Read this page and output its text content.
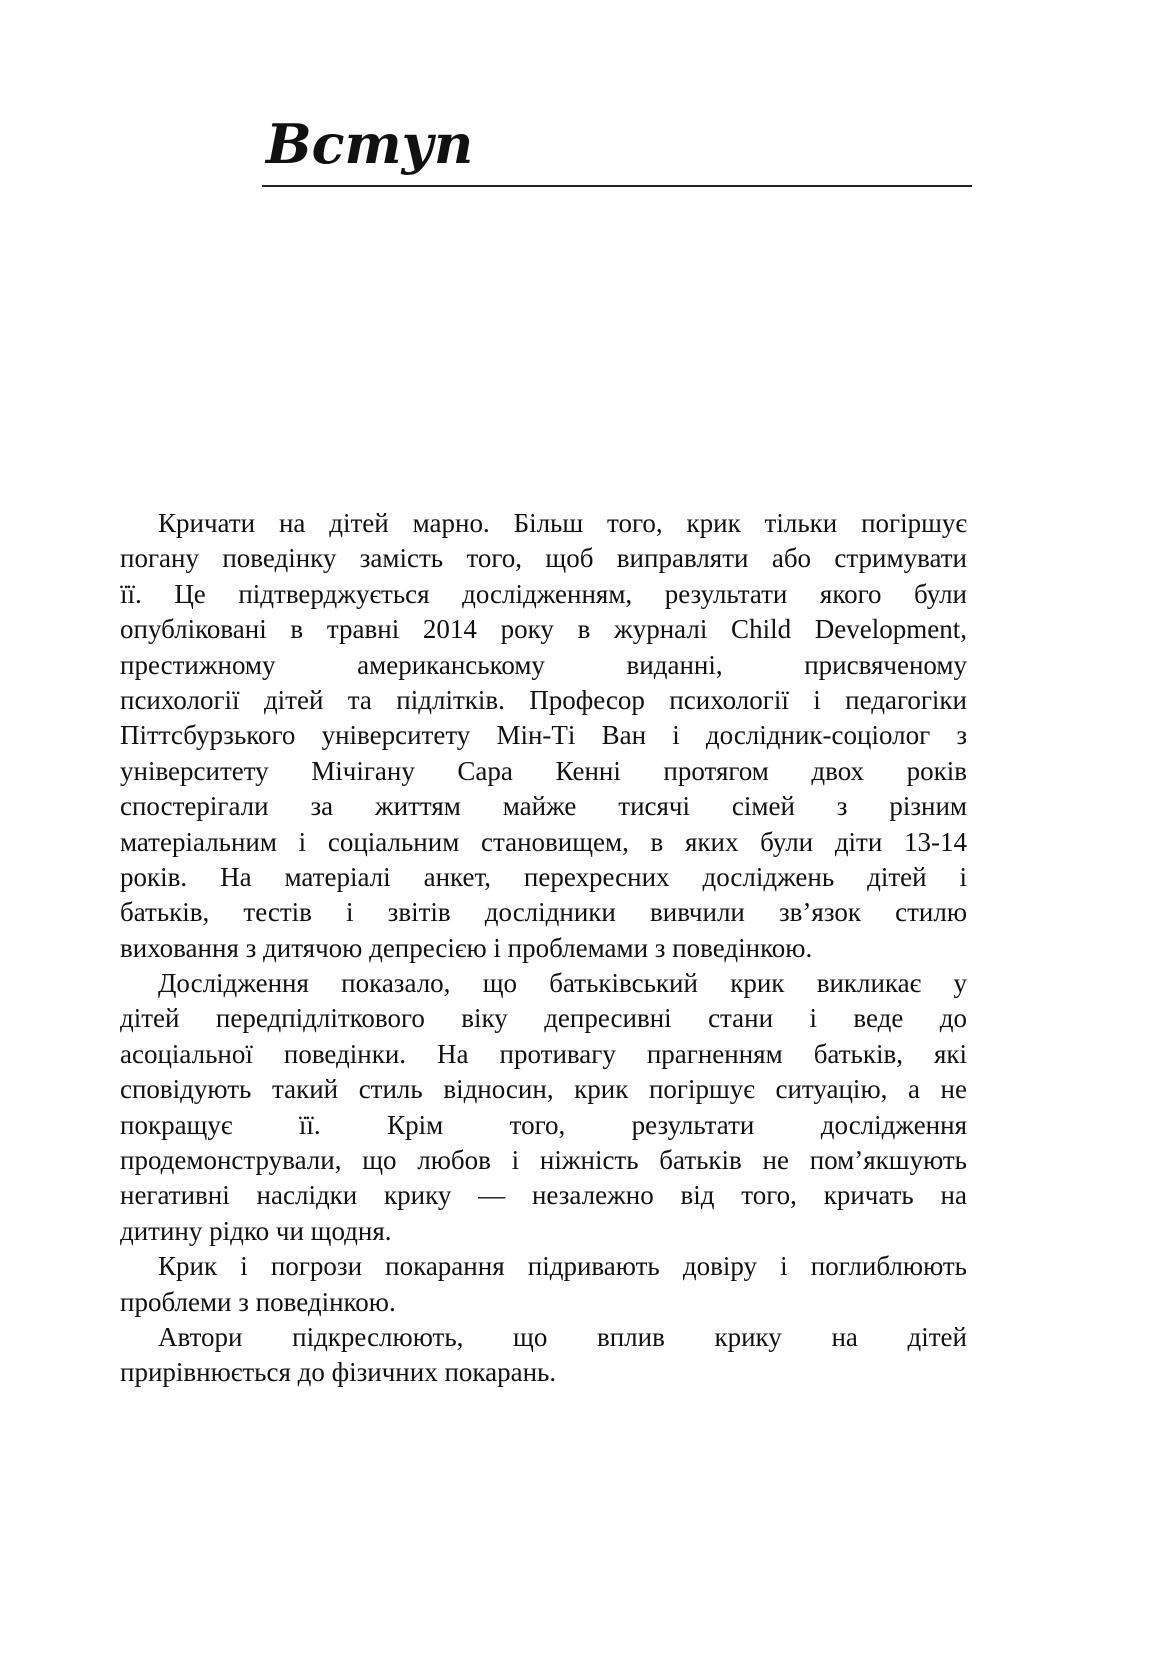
Вступ
Кричати на дітей марно. Більш того, крик тільки погіршує
погану поведінку замість того, щоб виправляти або стримувати
її. Це підтверджується дослідженням, результати якого були
опубліковані в травні 2014 року в журналі Child Development,
престижному американському виданні, присвяченому
психології дітей та підлітків. Професор психології і педагогіки
Піттсбурзького університету Мін-Ті Ван і дослідник-соціолог з
університету Мічігану Сара Кенні протягом двох років
спостерігали за життям майже тисячі сімей з різним
матеріальним і соціальним становищем, в яких були діти 13-14
років. На матеріалі анкет, перехресних досліджень дітей і
батьків, тестів і звітів дослідники вивчили зв’язок стилю
виховання з дитячою депресією і проблемами з поведінкою.
Дослідження показало, що батьківський крик викликає у
дітей передпідліткового віку депресивні стани і веде до
асоціальної поведінки. На противагу прагненням батьків, які
сповідують такий стиль відносин, крик погіршує ситуацію, а не
покращує її. Крім того, результати дослідження
продемонстрували, що любов і ніжність батьків не пом’якшують
негативні наслідки крику — незалежно від того, кричать на
дитину рідко чи щодня.
Крик і погрози покарання підривають довіру і поглиблюють
проблеми з поведінкою.
Автори підкреслюють, що вплив крику на дітей
прирівнюється до фізичних покарань.
